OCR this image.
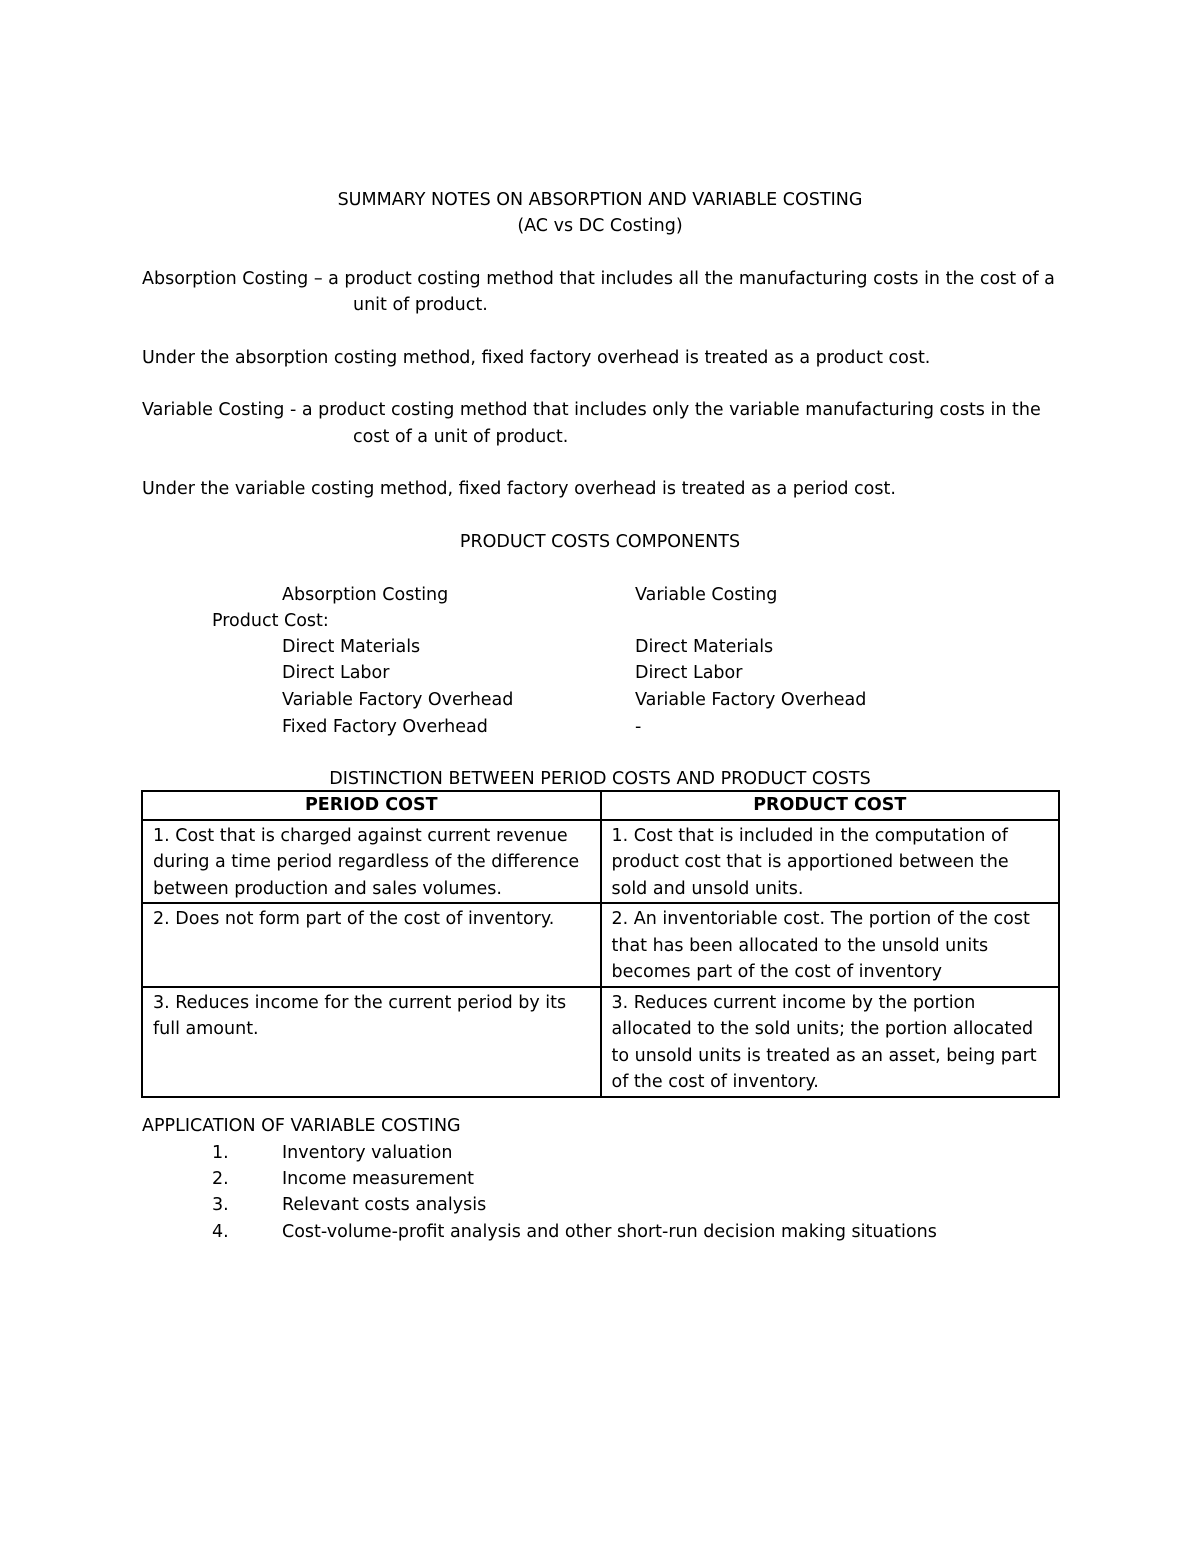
SUMMARY NOTES ON ABSORPTION AND VARIABLE COSTING
(AC vs DC Costing)
Absorption Costing – a product costing method that includes all the manufacturing costs in the cost of a
unit of product.
Under the absorption costing method, fixed factory overhead is treated as a product cost.
Variable Costing - a product costing method that includes only the variable manufacturing costs in the
cost of a unit of product.
Under the variable costing method, fixed factory overhead is treated as a period cost.
PRODUCT COSTS COMPONENTS
Absorption Costing	Variable Costing
Product Cost:
Direct Materials	Direct Materials
Direct Labor	Direct Labor
Variable Factory Overhead	Variable Factory Overhead
Fixed Factory Overhead	-
DISTINCTION BETWEEN PERIOD COSTS AND PRODUCT COSTS
PERIOD COST	PRODUCT COST
1. Cost that is charged against current revenue during a time period regardless of the difference between production and sales volumes.	1. Cost that is included in the computation of product cost that is apportioned between the sold and unsold units.
2. Does not form part of the cost of inventory.	2. An inventoriable cost. The portion of the cost that has been allocated to the unsold units becomes part of the cost of inventory
3. Reduces income for the current period by its full amount.	3. Reduces current income by the portion allocated to the sold units; the portion allocated to unsold units is treated as an asset, being part of the cost of inventory.
APPLICATION OF VARIABLE COSTING
1.	Inventory valuation
2.	Income measurement
3.	Relevant costs analysis
4.	Cost-volume-profit analysis and other short-run decision making situations
